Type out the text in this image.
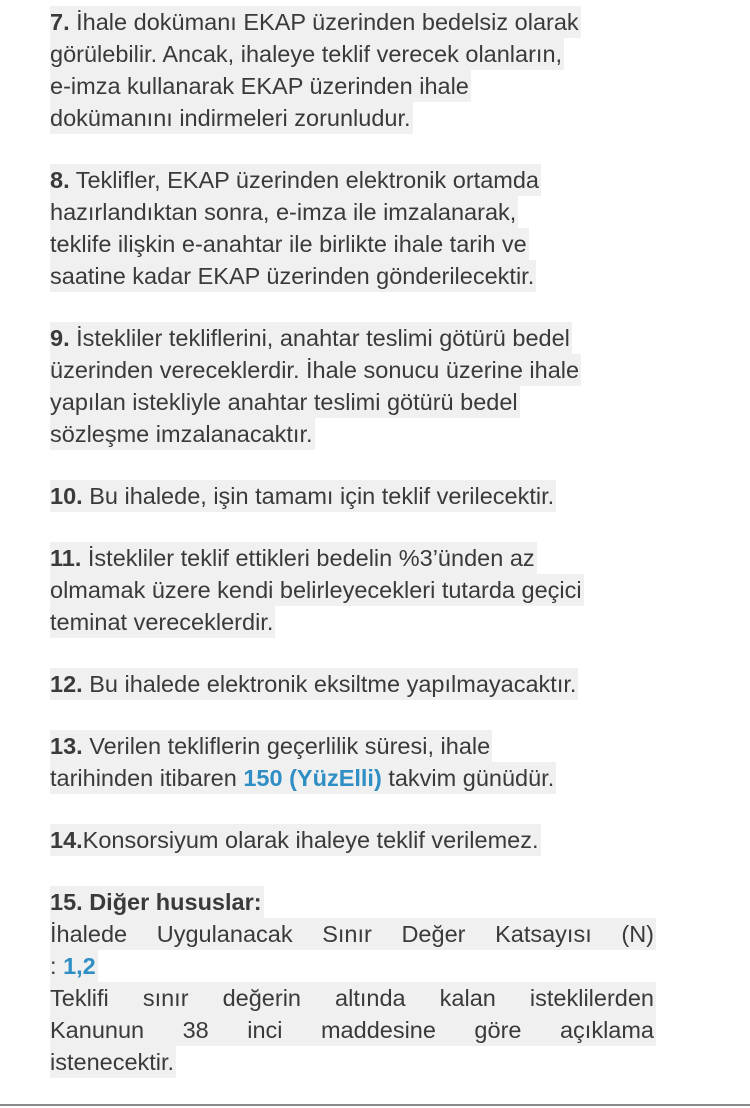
7. İhale dokümanı EKAP üzerinden bedelsiz olarak

görülebilir. Ancak, ihaleye teklif verecek olanların,

e-imza kullanarak EKAP üzerinden ihale

dokümanını indirmeleri zorunludur.

8. Teklifler, EKAP üzerinden elektronik ortamda

hazırlandıktan sonra, e-imza ile imzalanarak,

teklife ilişkin e-anahtar ile birlikte ihale tarih ve

saatine kadar EKAP üzerinden gönderilecektir.

9. İstekliler tekliflerini, anahtar teslimi götürü bedel

üzerinden vereceklerdir. İhale sonucu üzerine ihale

yapılan istekliyle anahtar teslimi götürü bedel

sözleşme imzalanacaktır.

10. Bu ihalede, işin tamamı için teklif verilecektir.

11. İstekliler teklif ettikleri bedelin %3’ünden az

olmamak üzere kendi belirleyecekleri tutarda geçici

teminat vereceklerdir.

12. Bu ihalede elektronik eksiltme yapılmayacaktır.

13. Verilen tekliflerin geçerlilik süresi, ihale

tarihinden itibaren 150 (YüzElli) takvim günüdür.

14.Konsorsiyum olarak ihaleye teklif verilemez.

15. Diğer hususlar:

İhalede Uygulanacak Sınır Değer Katsayısı (N)

: 1,2

Teklifi sınır değerin altında kalan isteklilerden

Kanunun 38 inci maddesine göre açıklama

istenecektir.
